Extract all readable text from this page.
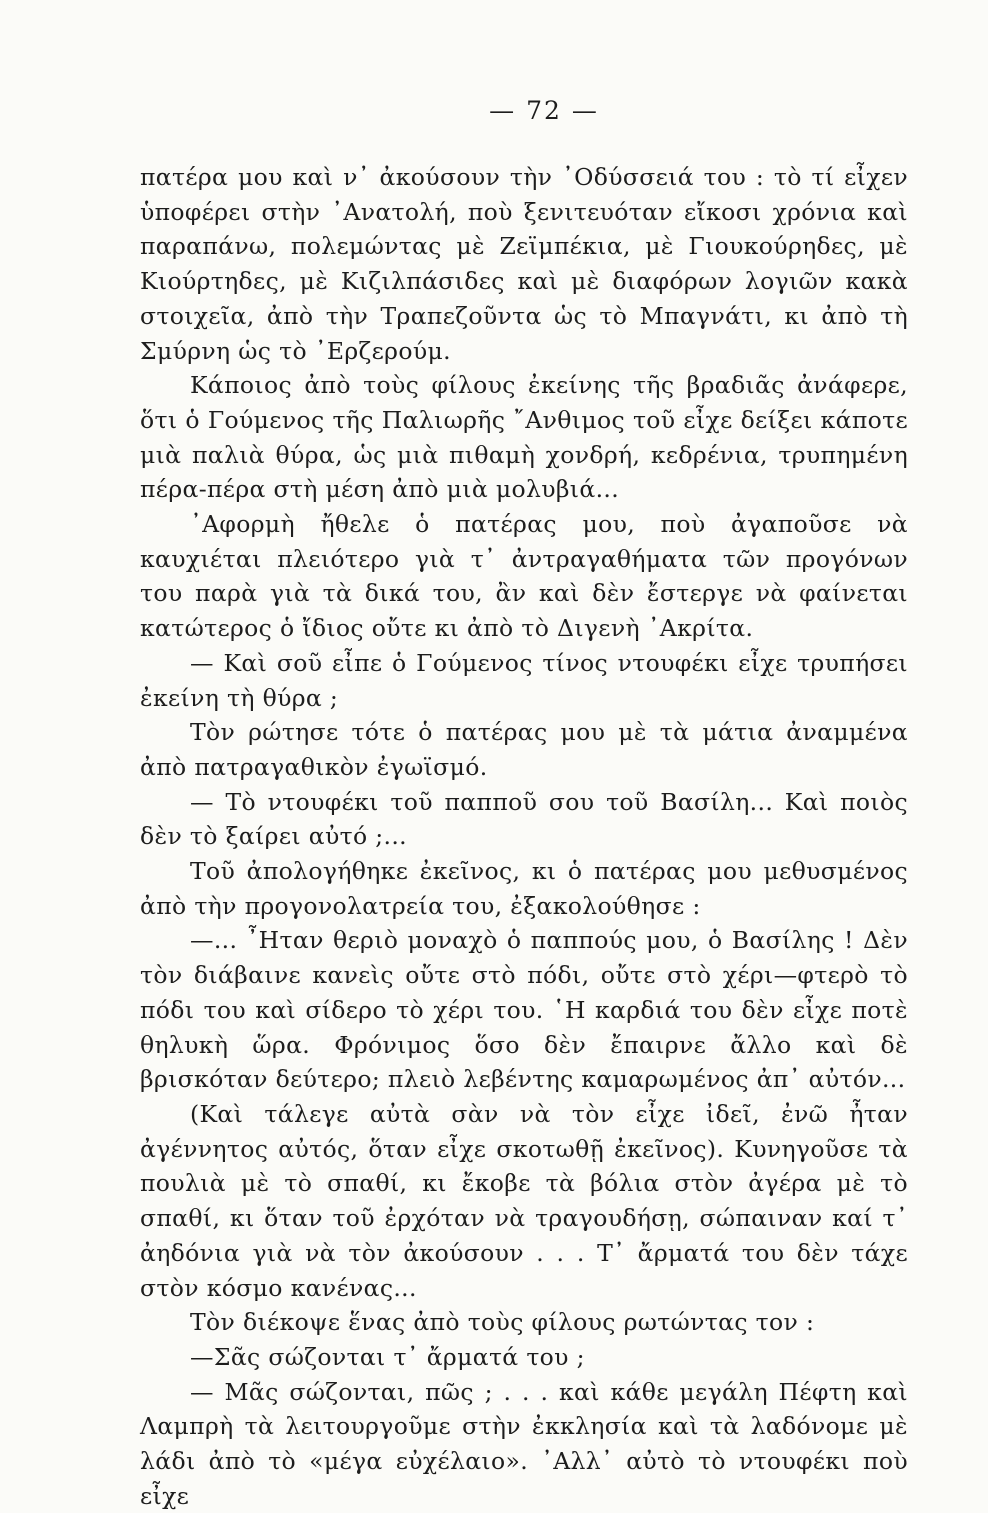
— 72 —

πατέρα μου καὶ ν᾽ ἀκούσουν τὴν ᾽Οδύσσειά του : τὸ τί εἶχεν ὑποφέρει στὴν ᾽Ανατολή, ποὺ ξενιτευόταν εἴκοσι χρόνια καὶ παραπάνω, πολεμώντας μὲ Ζεϊμπέκια, μὲ Γιουκούρηδες, μὲ Κιούρτηδες, μὲ Κιζιλπάσιδες καὶ μὲ διαφόρων λογιῶν κακὰ στοιχεῖα, ἀπὸ τὴν Τραπεζοῦντα ὡς τὸ Μπαγνάτι, κι ἀπὸ τὴ Σμύρνη ὡς τὸ ᾽Ερζερούμ.

Κάποιος ἀπὸ τοὺς φίλους ἐκείνης τῆς βραδιᾶς ἀνάφερε, ὅτι ὁ Γούμενος τῆς Παλιωρῆς ῎Ανθιμος τοῦ εἶχε δείξει κάποτε μιὰ παλιὰ θύρα, ὡς μιὰ πιθαμὴ χονδρή, κεδρένια, τρυπημένη πέρα-πέρα στὴ μέση ἀπὸ μιὰ μολυβιά...

᾽Αφορμὴ ἤθελε ὁ πατέρας μου, ποὺ ἀγαποῦσε νὰ καυχιέται πλειότερο γιὰ τ᾽ ἀντραγαθήματα τῶν προγόνων του παρὰ γιὰ τὰ δικά του, ἂν καὶ δὲν ἔστεργε νὰ φαίνεται κατώτερος ὁ ἴδιος οὔτε κι ἀπὸ τὸ Διγενὴ ᾽Ακρίτα.

— Καὶ σοῦ εἶπε ὁ Γούμενος τίνος ντουφέκι εἶχε τρυπήσει ἐκείνη τὴ θύρα ;

Τὸν ρώτησε τότε ὁ πατέρας μου μὲ τὰ μάτια ἀναμμένα ἀπὸ πατραγαθικὸν ἐγωϊσμό.

— Τὸ ντουφέκι τοῦ παπποῦ σου τοῦ Βασίλη... Καὶ ποιὸς δὲν τὸ ξαίρει αὐτό ;...

Τοῦ ἀπολογήθηκε ἐκεῖνος, κι ὁ πατέρας μου μεθυσμένος ἀπὸ τὴν προγονολατρεία του, ἐξακολούθησε :

—... ῏Ηταν θεριὸ μοναχὸ ὁ παππούς μου, ὁ Βασίλης ! Δὲν τὸν διάβαινε κανεὶς οὔτε στὸ πόδι, οὔτε στὸ χέρι—φτερὸ τὸ πόδι του καὶ σίδερο τὸ χέρι του. ῾Η καρδιά του δὲν εἶχε ποτὲ θηλυκὴ ὥρα. Φρόνιμος ὅσο δὲν ἔπαιρνε ἄλλο καὶ δὲ βρισκόταν δεύτερο; πλειὸ λεβέντης καμαρωμένος ἀπ᾽ αὐτόν...

(Καὶ τάλεγε αὐτὰ σὰν νὰ τὸν εἶχε ἰδεῖ, ἐνῶ ἦταν ἀγέννητος αὐτός, ὅταν εἶχε σκοτωθῇ ἐκεῖνος). Κυνηγοῦσε τὰ πουλιὰ μὲ τὸ σπαθί, κι ἔκοβε τὰ βόλια στὸν ἀγέρα μὲ τὸ σπαθί, κι ὅταν τοῦ ἐρχόταν νὰ τραγουδήσῃ, σώπαιναν καί τ᾽ ἀηδόνια γιὰ νὰ τὸν ἀκούσουν . . . Τ᾽ ἄρματά του δὲν τάχε στὸν κόσμο κανένας...

Τὸν διέκοψε ἕνας ἀπὸ τοὺς φίλους ρωτώντας τον :

—Σᾶς σώζονται τ᾽ ἄρματά του ;

— Μᾶς σώζονται, πῶς ; . . . καὶ κάθε μεγάλη Πέφτη καὶ Λαμπρὴ τὰ λειτουργοῦμε στὴν ἐκκλησία καὶ τὰ λαδόνομε μὲ λάδι ἀπὸ τὸ «μέγα εὐχέλαιο». ᾽Αλλ᾽ αὐτὸ τὸ ντουφέκι ποὺ εἶχε
